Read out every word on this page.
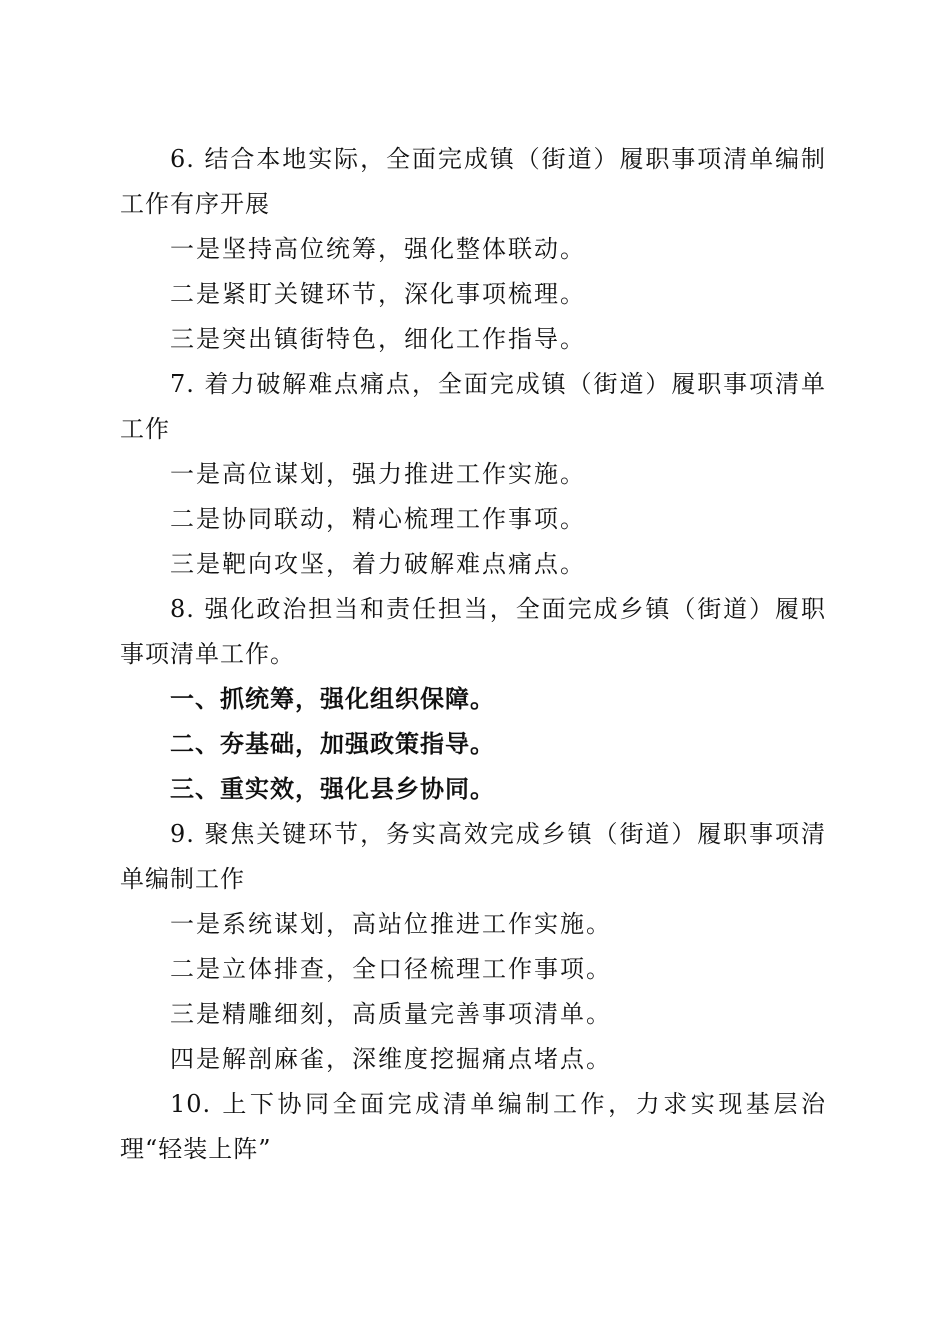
6. 结合本地实际，全面完成镇（街道）履职事项清单编制
工作有序开展
一是坚持高位统筹，强化整体联动。
二是紧盯关键环节，深化事项梳理。
三是突出镇街特色，细化工作指导。
7. 着力破解难点痛点，全面完成镇（街道）履职事项清单
工作
一是高位谋划，强力推进工作实施。
二是协同联动，精心梳理工作事项。
三是靶向攻坚，着力破解难点痛点。
8. 强化政治担当和责任担当，全面完成乡镇（街道）履职
事项清单工作。
一、抓统筹，强化组织保障。
二、夯基础，加强政策指导。
三、重实效，强化县乡协同。
9. 聚焦关键环节，务实高效完成乡镇（街道）履职事项清
单编制工作
一是系统谋划，高站位推进工作实施。
二是立体排查，全口径梳理工作事项。
三是精雕细刻，高质量完善事项清单。
四是解剖麻雀，深维度挖掘痛点堵点。
10. 上下协同全面完成清单编制工作，力求实现基层治
理“轻装上阵”
